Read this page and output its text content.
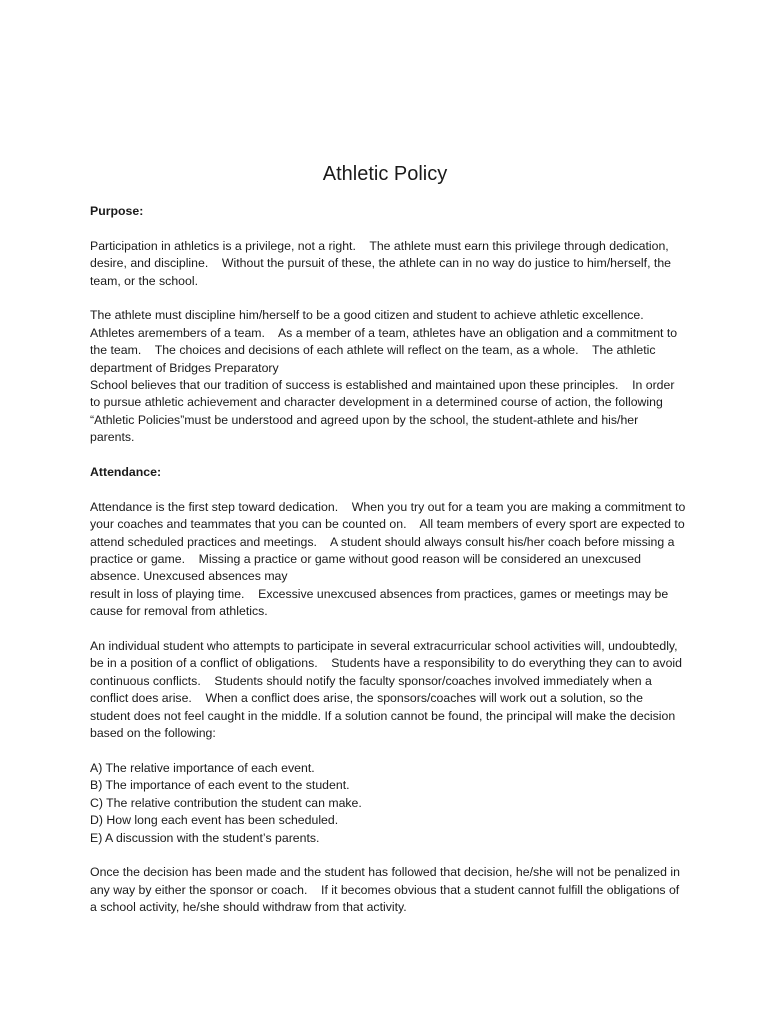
Athletic Policy
Purpose:
Participation in athletics is a privilege, not a right.    The athlete must earn this privilege through dedication, desire, and discipline.    Without the pursuit of these, the athlete can in no way do justice to him/herself, the team, or the school.
The athlete must discipline him/herself to be a good citizen and student to achieve athletic excellence. Athletes aremembers of a team.    As a member of a team, athletes have an obligation and a commitment to the team.    The choices and decisions of each athlete will reflect on the team, as a whole.    The athletic department of Bridges Preparatory
School believes that our tradition of success is established and maintained upon these principles.    In order to pursue athletic achievement and character development in a determined course of action, the following “Athletic Policies”must be understood and agreed upon by the school, the student-athlete and his/her parents.
Attendance:
Attendance is the first step toward dedication.    When you try out for a team you are making a commitment to your coaches and teammates that you can be counted on.    All team members of every sport are expected to attend scheduled practices and meetings.    A student should always consult his/her coach before missing a practice or game.    Missing a practice or game without good reason will be considered an unexcused absence. Unexcused absences may
result in loss of playing time.    Excessive unexcused absences from practices, games or meetings may be cause for removal from athletics.
An individual student who attempts to participate in several extracurricular school activities will, undoubtedly, be in a position of a conflict of obligations.    Students have a responsibility to do everything they can to avoid continuous conflicts.    Students should notify the faculty sponsor/coaches involved immediately when a conflict does arise.    When a conflict does arise, the sponsors/coaches will work out a solution, so the student does not feel caught in the middle. If a solution cannot be found, the principal will make the decision based on the following:
A) The relative importance of each event.
B) The importance of each event to the student.
C) The relative contribution the student can make.
D) How long each event has been scheduled.
E) A discussion with the student’s parents.
Once the decision has been made and the student has followed that decision, he/she will not be penalized in any way by either the sponsor or coach.    If it becomes obvious that a student cannot fulfill the obligations of a school activity, he/she should withdraw from that activity.
